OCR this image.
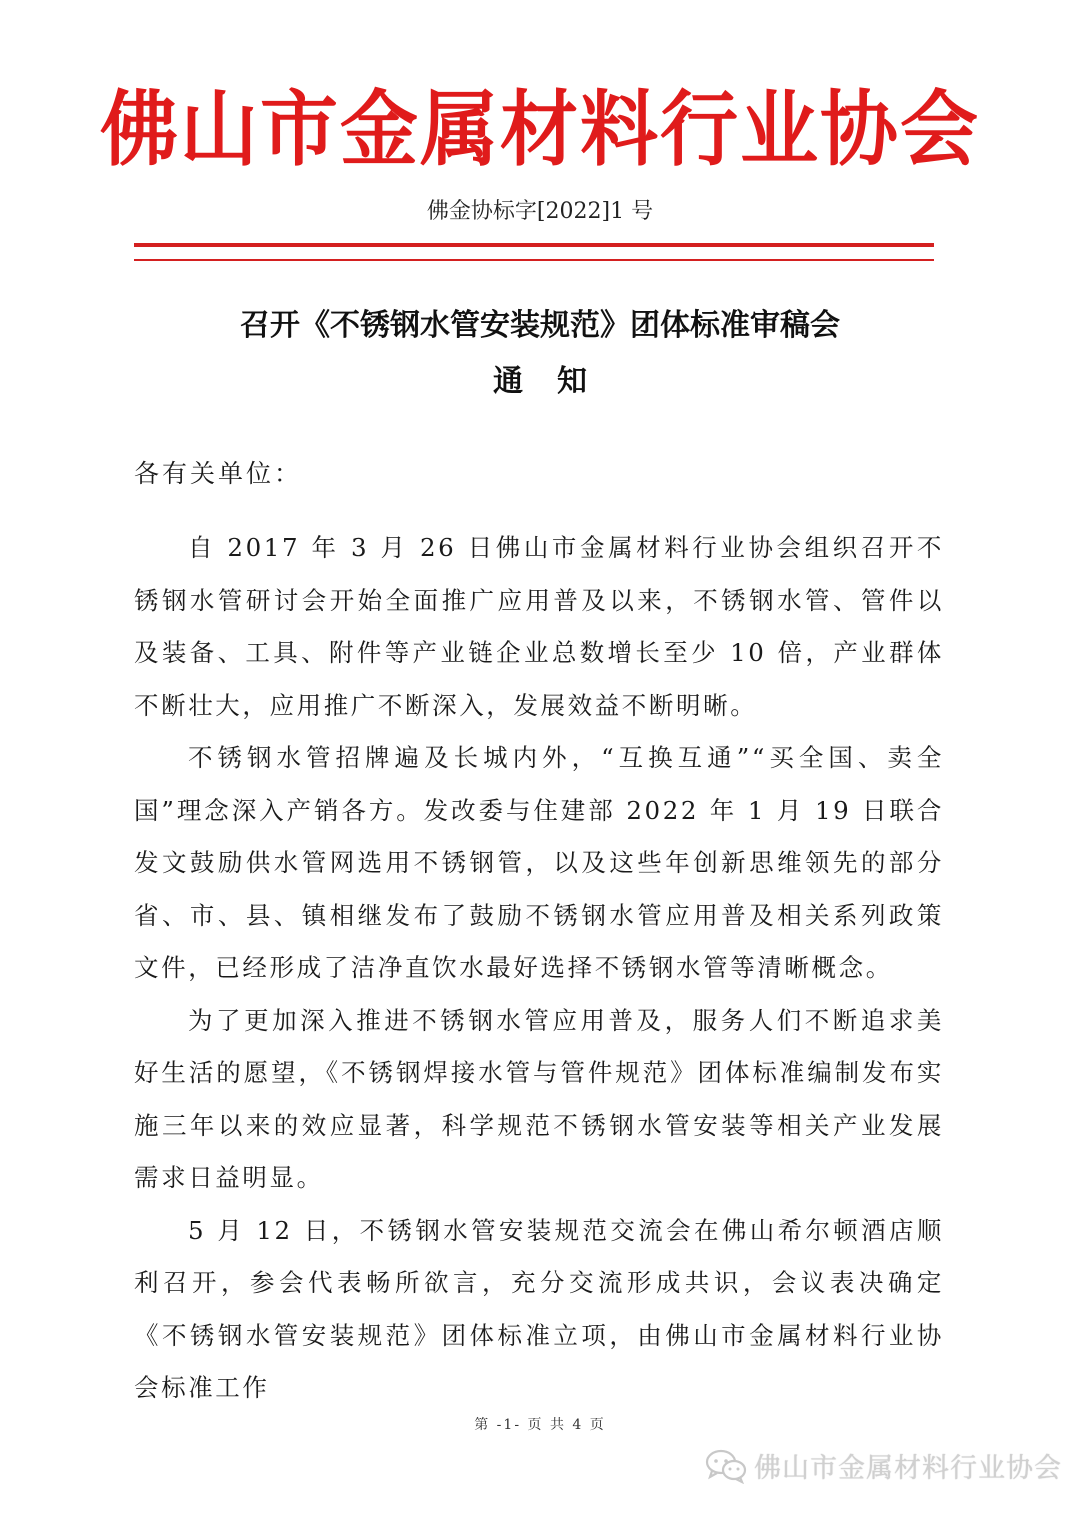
佛山市金属材料行业协会
佛金协标字[2022]1 号
召开《不锈钢水管安装规范》团体标准审稿会
通知
各有关单位：

自 2017 年 3 月 26 日佛山市金属材料行业协会组织召开不锈钢水管研讨会开始全面推广应用普及以来，不锈钢水管、管件以及装备、工具、附件等产业链企业总数增长至少 10 倍，产业群体不断壮大，应用推广不断深入，发展效益不断明晰。

不锈钢水管招牌遍及长城内外，“互换互通”“买全国、卖全国”理念深入产销各方。发改委与住建部 2022 年 1 月 19 日联合发文鼓励供水管网选用不锈钢管，以及这些年创新思维领先的部分省、市、县、镇相继发布了鼓励不锈钢水管应用普及相关系列政策文件，已经形成了洁净直饮水最好选择不锈钢水管等清晰概念。

为了更加深入推进不锈钢水管应用普及，服务人们不断追求美好生活的愿望，《不锈钢焊接水管与管件规范》团体标准编制发布实施三年以来的效应显著，科学规范不锈钢水管安装等相关产业发展需求日益明显。

5 月 12 日，不锈钢水管安装规范交流会在佛山希尔顿酒店顺利召开，参会代表畅所欲言，充分交流形成共识，会议表决确定《不锈钢水管安装规范》团体标准立项，由佛山市金属材料行业协会标准工作

第 -1- 页 共 4 页
佛山市金属材料行业协会
